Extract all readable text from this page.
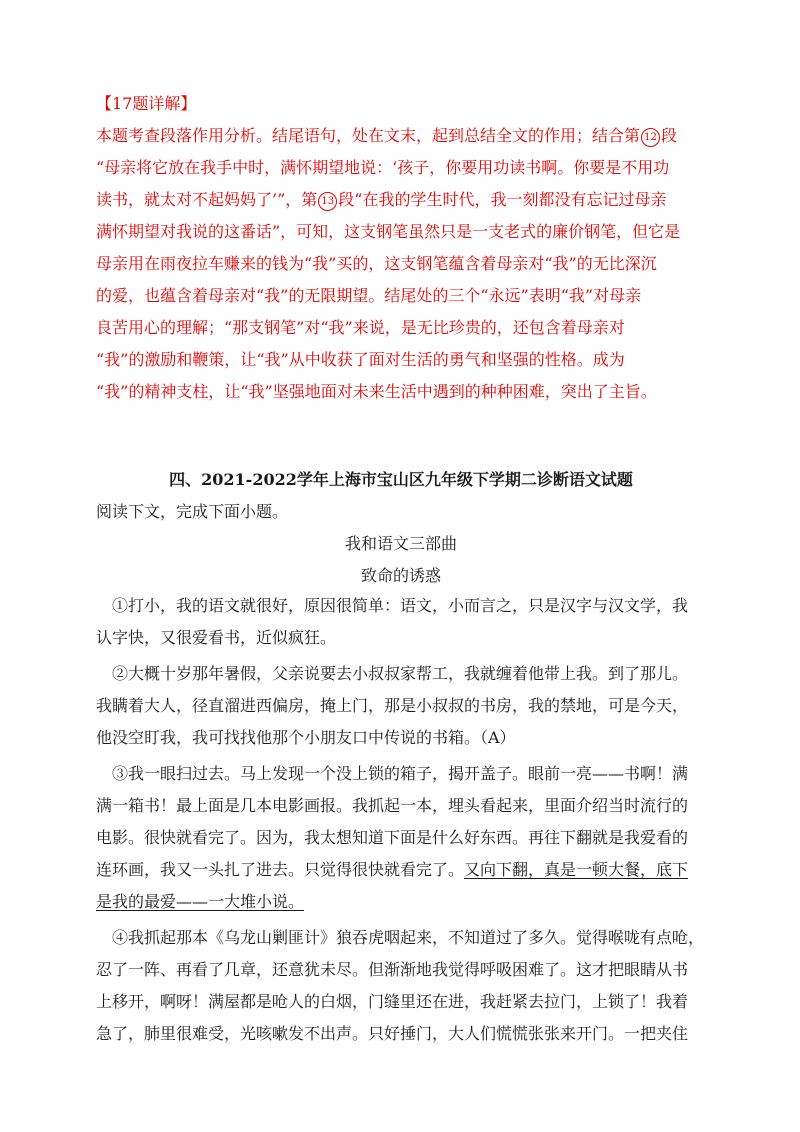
【17题详解】
本题考查段落作用分析。结尾语句，处在文末，起到总结全文的作用；结合第 12 段
“母亲将它放在我手中时，满怀期望地说：‘孩子，你要用功读书啊。你要是不用功
读书，就太对不起妈妈了’”，第 13 段“在我的学生时代，我一刻都没有忘记过母亲
满怀期望对我说的这番话”，可知，这支钢笔虽然只是一支老式的廉价钢笔，但它是
母亲用在雨夜拉车赚来的钱为“我”买的，这支钢笔蕴含着母亲对“我”的无比深沉
的爱，也蕴含着母亲对“我”的无限期望。结尾处的三个“永远”表明“我”对母亲
良苦用心的理解；“那支钢笔”对“我”来说，是无比珍贵的，还包含着母亲对
“我”的激励和鞭策，让“我”从中收获了面对生活的勇气和坚强的性格。成为
“我”的精神支柱，让“我”坚强地面对未来生活中遇到的种种困难，突出了主旨。
四、2021-2022学年上海市宝山区九年级下学期二诊断语文试题
阅读下文，完成下面小题。
我和语文三部曲
致命的诱惑
①打小，我的语文就很好，原因很简单：语文，小而言之，只是汉字与汉文学，我
认字快，又很爱看书，近似疯狂。
②大概十岁那年暑假，父亲说要去小叔叔家帮工，我就缠着他带上我。到了那儿。
我瞒着大人，径直溜进西偏房，掩上门，那是小叔叔的书房，我的禁地，可是今天，
他没空盯我，我可找找他那个小朋友口中传说的书箱。（A）
③我一眼扫过去。马上发现一个没上锁的箱子，揭开盖子。眼前一亮——书啊！满
满一箱书！最上面是几本电影画报。我抓起一本，埋头看起来，里面介绍当时流行的
电影。很快就看完了。因为，我太想知道下面是什么好东西。再往下翻就是我爱看的
连环画，我又一头扎了进去。只觉得很快就看完了。又向下翻，真是一顿大餐，底下
是我的最爱——一大堆小说。
④我抓起那本《乌龙山剿匪计》狼吞虎咽起来，不知道过了多久。觉得喉咙有点呛，
忍了一阵、再看了几章，还意犹未尽。但渐渐地我觉得呼吸困难了。这才把眼睛从书
上移开，啊呀！满屋都是呛人的白烟，门缝里还在进，我赶紧去拉门，上锁了！我着
急了，肺里很难受，光咳嗽发不出声。只好捶门，大人们慌慌张张来开门。一把夹住
